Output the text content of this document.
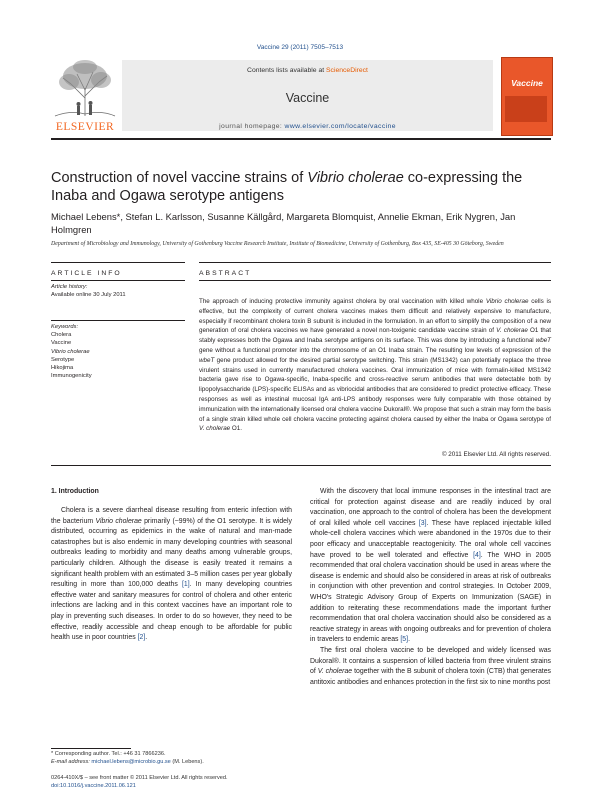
Vaccine 29 (2011) 7505–7513
Contents lists available at ScienceDirect
Vaccine
journal homepage: www.elsevier.com/locate/vaccine
ELSEVIER
Vaccine
Construction of novel vaccine strains of Vibrio cholerae co-expressing the Inaba and Ogawa serotype antigens
Michael Lebens*, Stefan L. Karlsson, Susanne Källgård, Margareta Blomquist, Annelie Ekman, Erik Nygren, Jan Holmgren
Department of Microbiology and Immunology, University of Gothenburg Vaccine Research Institute, Institute of Biomedicine, University of Gothenburg, Box 435, SE-405 30 Göteborg, Sweden
ARTICLE INFO	ABSTRACT
Article history:
Available online 30 July 2011
Keywords:
Cholera
Vaccine
Vibrio cholerae
Serotype
Hikojima
Immunogenicity
The approach of inducing protective immunity against cholera by oral vaccination with killed whole Vibrio cholerae cells is effective, but the complexity of current cholera vaccines makes them difficult and relatively expensive to manufacture, especially if recombinant cholera toxin B subunit is included in the formulation. In an effort to simplify the composition of a new generation of oral cholera vaccines we have generated a novel non-toxigenic candidate vaccine strain of V. cholerae O1 that stably expresses both the Ogawa and Inaba serotype antigens on its surface. This was done by introducing a functional wbeT gene without a functional promoter into the chromosome of an O1 Inaba strain. The resulting low levels of expression of the wbeT gene product allowed for the desired partial serotype switching. This strain (MS1342) can potentially replace the three virulent strains used in currently manufactured cholera vaccines. Oral immunization of mice with formalin-killed MS1342 bacteria gave rise to Ogawa-specific, Inaba-specific and cross-reactive serum antibodies that were detectable both by lipopolysaccharide (LPS)-specific ELISAs and as vibriocidal antibodies that are considered to predict protective efficacy. These responses as well as intestinal mucosal IgA anti-LPS antibody responses were fully comparable with those obtained by immunization with the internationally licensed oral cholera vaccine Dukoral®. We propose that such a strain may form the basis of a single strain killed whole cell cholera vaccine protecting against cholera caused by either the Inaba or Ogawa serotype of V. cholerae O1.
© 2011 Elsevier Ltd. All rights reserved.
1. Introduction

Cholera is a severe diarrheal disease resulting from enteric infection with the bacterium Vibrio cholerae primarily (~99%) of the O1 serotype. It is widely distributed, occurring as epidemics in the wake of natural and man-made catastrophes but is also endemic in many developing countries with seasonal outbreaks leading to morbidity and many deaths among vulnerable groups, particularly children. Although the disease is easily treated it remains a significant health problem with an estimated 3–5 million cases per year globally resulting in more than 100,000 deaths [1]. In many developing countries effective water and sanitary measures for control of cholera and other enteric infections are lacking and in this context vaccines have an important role to play in preventing such diseases. In order to do so however, they need to be effective, readily accessible and cheap enough to be affordable for public health use in poor countries [2].

With the discovery that local immune responses in the intestinal tract are critical for protection against disease and are readily induced by oral vaccination, one approach to the control of cholera has been the development of oral killed whole cell vaccines [3]. These have replaced injectable killed whole-cell cholera vaccines which were abandoned in the 1970s due to their poor efficacy and unacceptable reactogenicity. The oral whole cell vaccines have proved to be well tolerated and effective [4]. The WHO in 2005 recommended that oral cholera vaccination should be used in areas where the disease is endemic and should also be considered in areas at risk of outbreaks in conjunction with other prevention and control strategies. In October 2009, WHO's Strategic Advisory Group of Experts on Immunization (SAGE) in addition to reiterating these recommendations made the important further recommendation that oral cholera vaccination should also be considered as a reactive strategy in areas with ongoing outbreaks and for prevention of cholera in travelers to endemic areas [5].

The first oral cholera vaccine to be developed and widely licensed was Dukoral®. It contains a suspension of killed bacteria from three virulent strains of V. cholerae together with the B subunit of cholera toxin (CTB) that generates antitoxic antibodies and enhances protection in the first six to nine months post

* Corresponding author. Tel.: +46 31 7866236.
E-mail address: michael.lebens@microbio.gu.se (M. Lebens).
0264-410X/$ – see front matter © 2011 Elsevier Ltd. All rights reserved.
doi:10.1016/j.vaccine.2011.06.121
